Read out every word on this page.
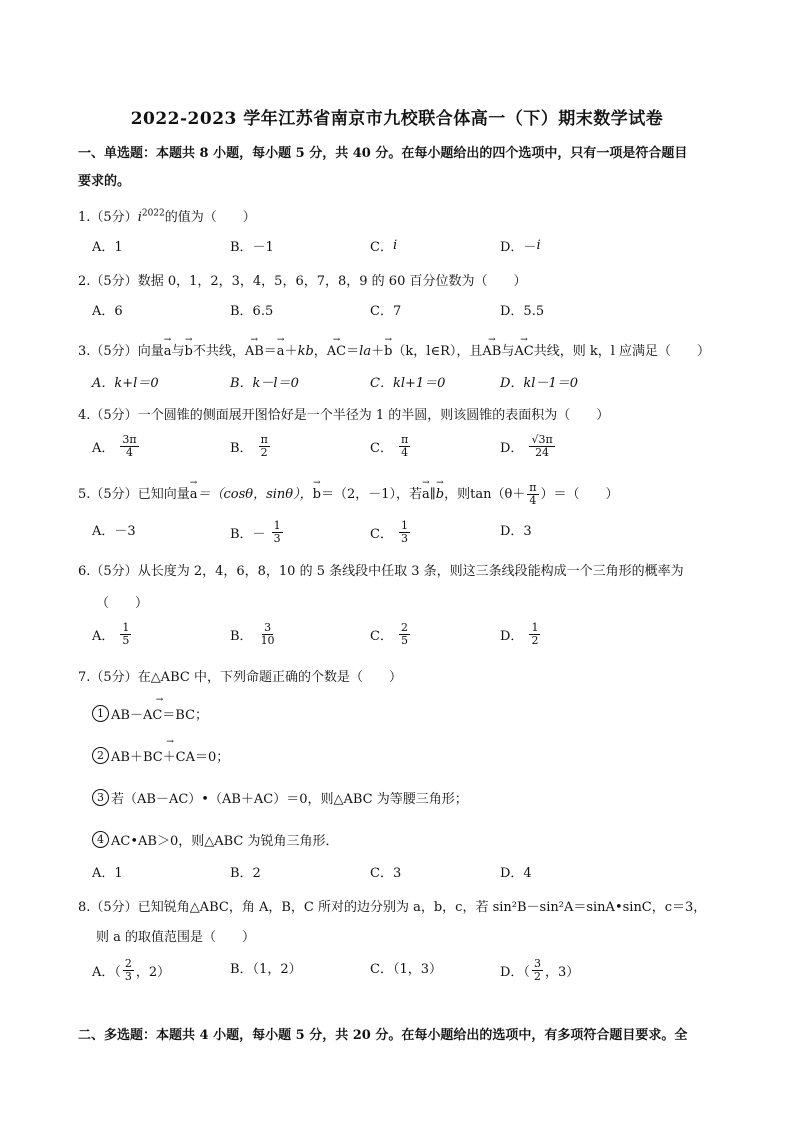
2022-2023 学年江苏省南京市九校联合体高一（下）期末数学试卷
一、单选题：本题共 8 小题，每小题 5 分，共 40 分。在每小题给出的四个选项中，只有一项是符合题目
要求的。
1.（5分）$i^{2022}$的值为（　　）
A．1	B．－1	C． i	D．－ i
2.（5分）数据 0，1，2，3，4，5，6，7，8，9 的 60 百分位数为（　　）
A．6	B．6.5	C．7	D．5.5
3.（5分）向量→ a与→ b不共线，→ AB＝→ a＋kb，→ AC＝la＋→ b（k，l∈R），且→ AB与→ AC共线，则 k，l 应满足（　　）
A．k+l＝0	B．k－l＝0	C．kl+1＝0	D．kl－1＝0
4.（5分）一个圆锥的侧面展开图恰好是一个半径为 1 的半圆，则该圆锥的表面积为（　　）
A． $\frac{3\pi}{4}$	B． $\frac{\pi}{2}$	C． $\frac{\pi}{4}$	D． $\frac{√3\pi}{24}$
5.（5分）已知向量→ a＝（cosθ，sinθ），→ b＝（2，－1），若→ a∥→ b，则$\tan(\theta+ \frac{\pi}{4}$ ）＝（　　）
A．－3	B．－ $\frac{1}{3}$	C． $\frac{1}{3}$	D．3
6.（5分）从长度为 2，4，6，8，10 的 5 条线段中任取 3 条，则这三条线段能构成一个三角形的概率为
（　　）
A． $\frac{1}{5}$	B． $\frac{3}{10}$	C． $\frac{2}{5}$	D． $\frac{1}{2}$
7.（5分）在△ABC 中，下列命题正确的个数是（　　）
1 → AB－AC＝BC；
2 → AB＋BC＋CA＝0；
3 若（AB－AC）•（AB＋AC）＝0，则△ABC 为等腰三角形；
4 AC•AB＞0，则△ABC 为锐角三角形．
A．1	B．2	C．3	D．4
8.（5分）已知锐角△ABC，角 A，B，C 所对的边分别为 a，b，c，若 sin²B－sin²A＝sinA•sinC，c＝3，
则 a 的取值范围是（　　）
A．（ $\frac{2}{3}$ ，2）	B．（1，2）	C．（1，3）	D．（ $\frac{3}{2}$ ，3）
二、多选题：本题共 4 小题，每小题 5 分，共 20 分。在每小题给出的选项中，有多项符合题目要求。全
